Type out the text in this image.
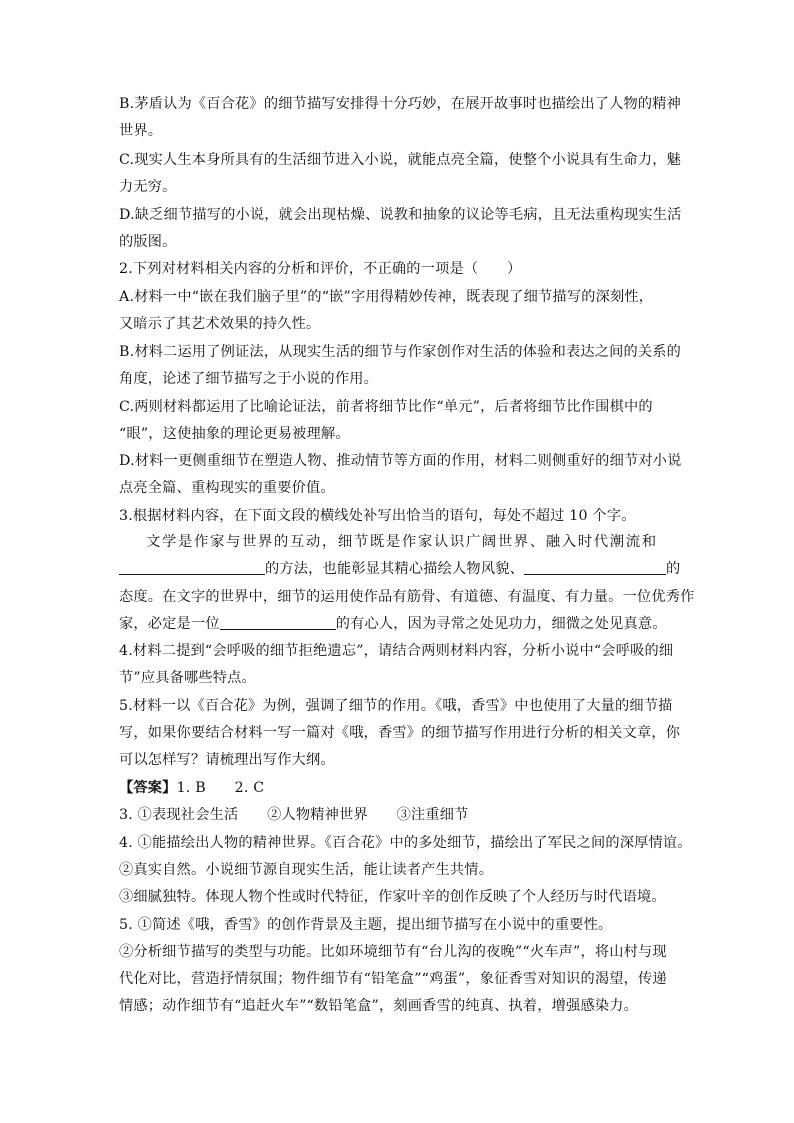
B.茅盾认为《百合花》的细节描写安排得十分巧妙，在展开故事时也描绘出了人物的精神
世界。
C.现实人生本身所具有的生活细节进入小说，就能点亮全篇，使整个小说具有生命力，魅
力无穷。
D.缺乏细节描写的小说，就会出现枯燥、说教和抽象的议论等毛病，且无法重构现实生活
的版图。
2.下列对材料相关内容的分析和评价，不正确的一项是（　　）
A.材料一中“嵌在我们脑子里”的“嵌”字用得精妙传神，既表现了细节描写的深刻性，
又暗示了其艺术效果的持久性。
B.材料二运用了例证法，从现实生活的细节与作家创作对生活的体验和表达之间的关系的
角度，论述了细节描写之于小说的作用。
C.两则材料都运用了比喻论证法，前者将细节比作“单元”，后者将细节比作围棋中的
“眼”，这使抽象的理论更易被理解。
D.材料一更侧重细节在塑造人物、推动情节等方面的作用，材料二则侧重好的细节对小说
点亮全篇、重构现实的重要价值。
3.根据材料内容，在下面文段的横线处补写出恰当的语句，每处不超过 10 个字。
文学是作家与世界的互动，细节既是作家认识广阔世界、融入时代潮流和
的方法，也能彰显其精心描绘人物风貌、	的
态度。在文字的世界中，细节的运用使作品有筋骨、有道德、有温度、有力量。一位优秀作
家，必定是一位	的有心人，因为寻常之处见功力，细微之处见真意。
4.材料二提到“会呼吸的细节拒绝遗忘”，请结合两则材料内容，分析小说中“会呼吸的细
节”应具备哪些特点。
5.材料一以《百合花》为例，强调了细节的作用。《哦，香雪》中也使用了大量的细节描
写，如果你要结合材料一写一篇对《哦，香雪》的细节描写作用进行分析的相关文章，你
可以怎样写？请梳理出写作大纲。
【答案】1. B　　2. C
3. ①表现社会生活　　②人物精神世界　　③注重细节
4. ①能描绘出人物的精神世界。《百合花》中的多处细节，描绘出了军民之间的深厚情谊。
②真实自然。小说细节源自现实生活，能让读者产生共情。
③细腻独特。体现人物个性或时代特征，作家叶辛的创作反映了个人经历与时代语境。
5. ①简述《哦，香雪》的创作背景及主题，提出细节描写在小说中的重要性。
②分析细节描写的类型与功能。比如环境细节有“台儿沟的夜晚”“火车声”，将山村与现
代化对比，营造抒情氛围；物件细节有“铅笔盒”“鸡蛋”，象征香雪对知识的渴望，传递
情感；动作细节有“追赶火车”“数铅笔盒”，刻画香雪的纯真、执着，增强感染力。
